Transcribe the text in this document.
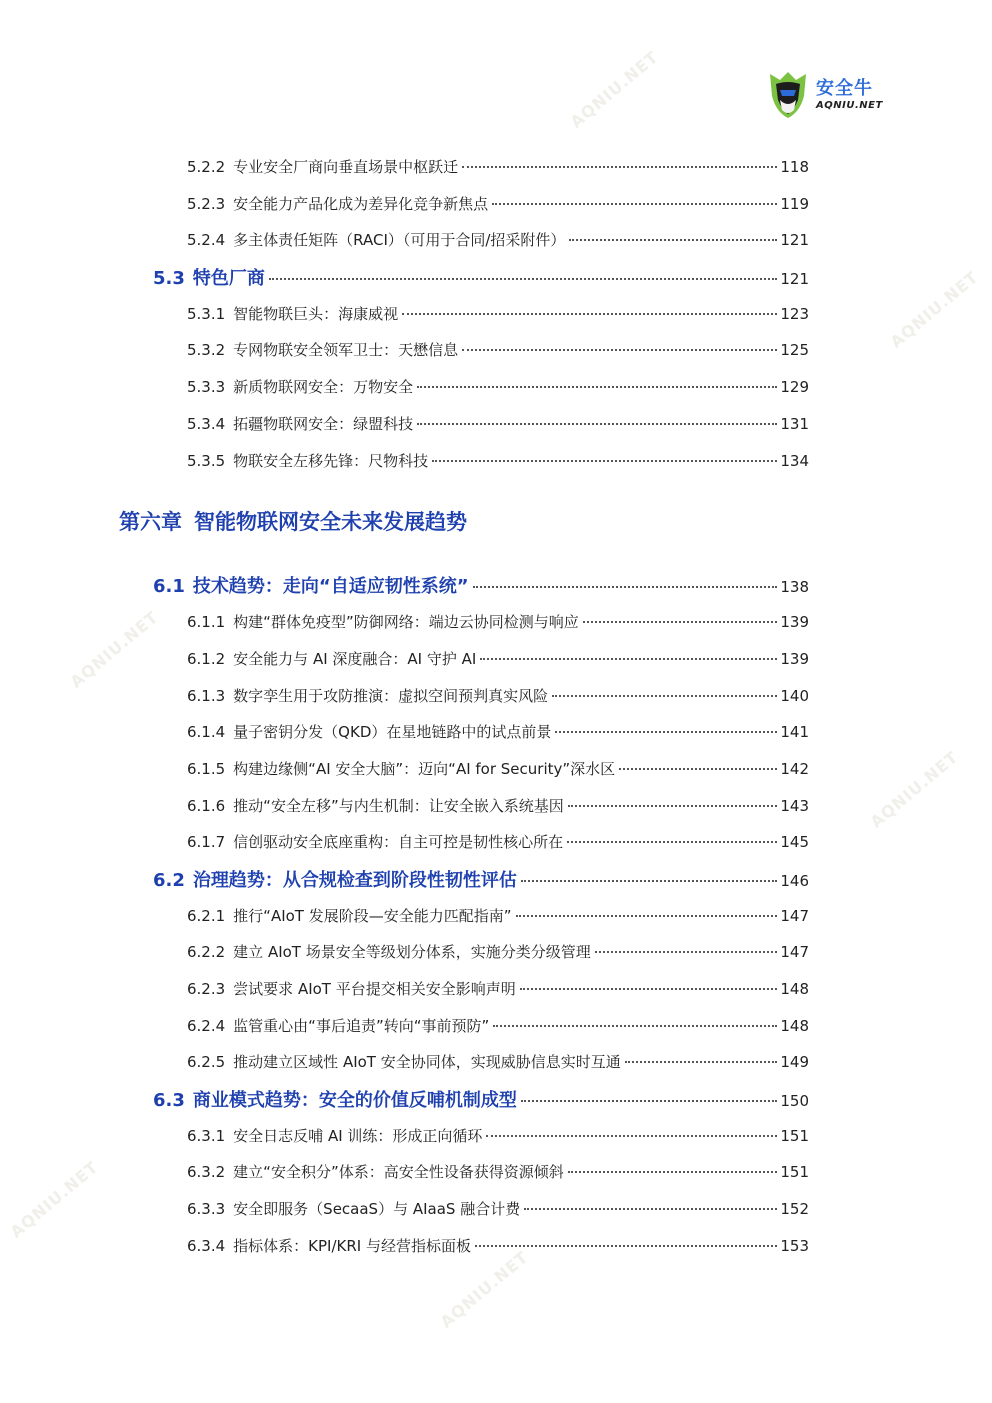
AQNIU.NET
AQNIU.NET
AQNIU.NET
AQNIU.NET
AQNIU.NET
AQNIU.NET
安全牛
AQNIU.NET
5.2.2 专业安全厂商向垂直场景中枢跃迁	118
5.2.3 安全能力产品化成为差异化竞争新焦点	119
5.2.4 多主体责任矩阵（RACI）（可用于合同/招采附件）	121
5.3 特色厂商	121
5.3.1 智能物联巨头：海康威视	123
5.3.2 专网物联安全领军卫士：天懋信息	125
5.3.3 新质物联网安全：万物安全	129
5.3.4 拓疆物联网安全：绿盟科技	131
5.3.5 物联安全左移先锋：尺物科技	134
第六章 智能物联网安全未来发展趋势
6.1 技术趋势：走向“自适应韧性系统”	138
6.1.1 构建“群体免疫型”防御网络：端边云协同检测与响应	139
6.1.2 安全能力与 AI 深度融合：AI 守护 AI	139
6.1.3 数字孪生用于攻防推演：虚拟空间预判真实风险	140
6.1.4 量子密钥分发（QKD）在星地链路中的试点前景	141
6.1.5 构建边缘侧“AI 安全大脑”：迈向“AI for Security”深水区	142
6.1.6 推动“安全左移”与内生机制：让安全嵌入系统基因	143
6.1.7 信创驱动安全底座重构：自主可控是韧性核心所在	145
6.2 治理趋势：从合规检查到阶段性韧性评估	146
6.2.1 推行“AIoT 发展阶段—安全能力匹配指南”	147
6.2.2 建立 AIoT 场景安全等级划分体系，实施分类分级管理	147
6.2.3 尝试要求 AIoT 平台提交相关安全影响声明	148
6.2.4 监管重心由“事后追责”转向“事前预防”	148
6.2.5 推动建立区域性 AIoT 安全协同体，实现威胁信息实时互通	149
6.3 商业模式趋势：安全的价值反哺机制成型	150
6.3.1 安全日志反哺 AI 训练：形成正向循环	151
6.3.2 建立“安全积分”体系：高安全性设备获得资源倾斜	151
6.3.3 安全即服务（SecaaS）与 AIaaS 融合计费	152
6.3.4 指标体系：KPI/KRI 与经营指标面板	153
